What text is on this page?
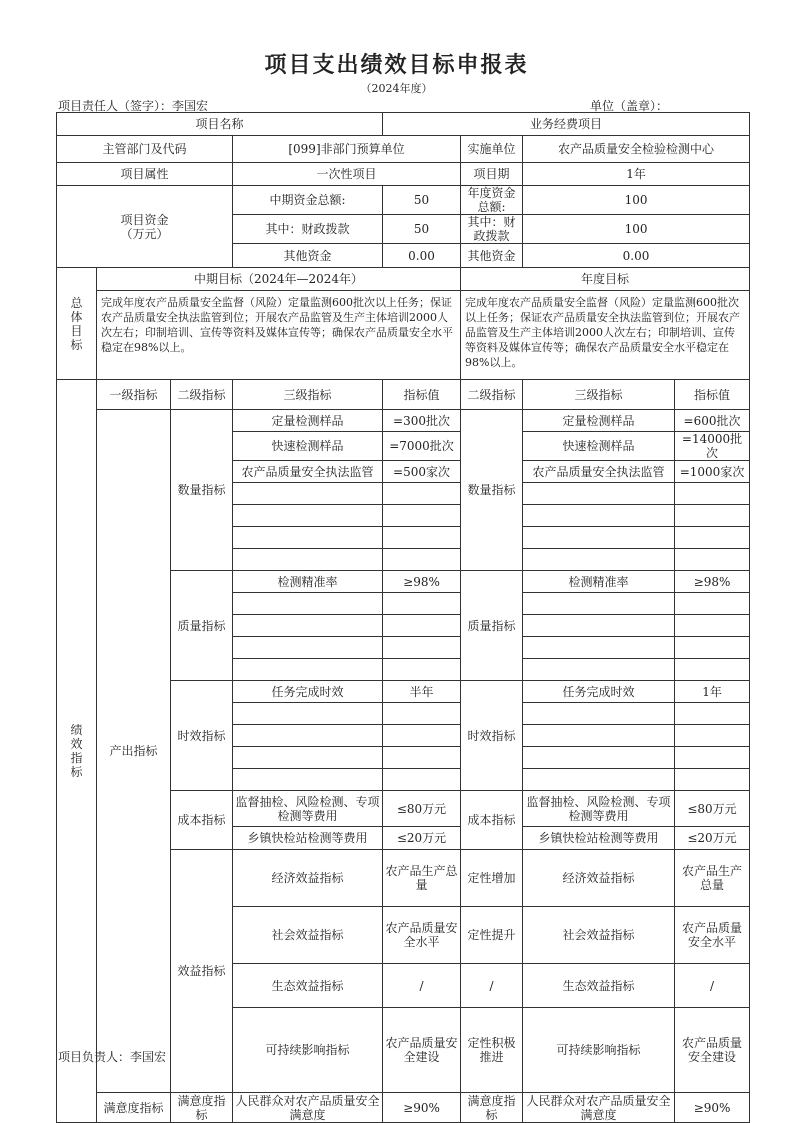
项目支出绩效目标申报表
（2024年度）
项目责任人（签字）：李国宏	单位（盖章）：
项目名称				业务经费项目				
主管部门及代码			[099]非部门预算单位		实施单位	农产品质量安全检验检测中心		
项目属性			一次性项目		项目期	1年		

项目资金
（万元）			中期资金总额:	50	年度资金总额:	100		
			其中：财政拨款	50	其中：财政拨款	100		
			其他资金	0.00	其他资金	0.00		
总
体
目
标	中期目标（2024年—2024年）				年度目标			
	完成年度农产品质量安全监督（风险）定量监测600批次以上任务；保证农产品质量安全执法监管到位；开展农产品监管及生产主体培训2000人次左右；印制培训、宣传等资料及媒体宣传等；确保农产品质量安全水平稳定在98%以上。				完成年度农产品质量安全监督（风险）定量监测600批次以上任务；保证农产品质量安全执法监管到位；开展农产品监管及生产主体培训2000人次左右；印制培训、宣传等资料及媒体宣传等；确保农产品质量安全水平稳定在98%以上。			
绩
效
指
标	一级指标	二级指标	三级指标	指标值	二级指标	三级指标	指标值	
	产出指标	数量指标	定量检测样品	=300批次	数量指标	定量检测样品	=600批次	
			快速检测样品	=7000批次		快速检测样品	=14000批次	
			农产品质量安全执法监管	=500家次		农产品质量安全执法监管	=1000家次	

		质量指标	检测精准率	≥98%	质量指标	检测精准率	≥98%	

		时效指标	任务完成时效	半年	时效指标	任务完成时效	1年	

		成本指标	监督抽检、风险检测、专项检测等费用	≤80万元	成本指标	监督抽检、风险检测、专项检测等费用	≤80万元	
			乡镇快检站检测等费用	≤20万元		乡镇快检站检测等费用	≤20万元	
		效益指标	经济效益指标	农产品生产总量	定性增加	经济效益指标	农产品生产总量	
			社会效益指标	农产品质量安全水平	定性提升	社会效益指标	农产品质量安全水平	
			生态效益指标	/	/	生态效益指标	/	
			可持续影响指标	农产品质量安全建设	定性积极推进	可持续影响指标	农产品质量安全建设	
	满意度指标	满意度指标	人民群众对农产品质量安全满意度	≥90%	满意度指标	人民群众对农产品质量安全满意度	≥90%	
项目负责人：李国宏
